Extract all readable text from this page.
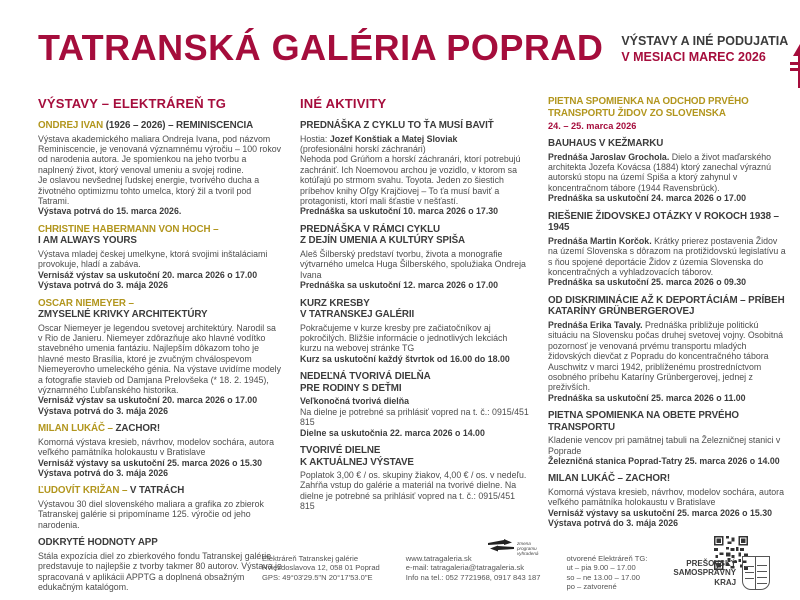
TATRANSKÁ GALÉRIA POPRAD VÝSTAVY A INÉ PODUJATIA
V MESIACI MAREC 2026
VÝSTAVY – ELEKTRÁREŇ TG
ONDREJ IVAN (1926 – 2026) – REMINISCENCIA

Výstava akademického maliara Ondreja Ivana, pod názvom Reminiscencie, je venovaná významnému výročiu – 100 rokov od narodenia autora. Je spomienkou na jeho tvorbu a naplnený život, ktorý venoval umeniu a svojej rodine.

Je oslavou nevšednej ľudskej energie, tvorivého ducha a životného optimizmu tohto umelca, ktorý žil a tvoril pod Tatrami.

Výstava potrvá do 15. marca 2026.

CHRISTINE HABERMANN VON HOCH –
I AM ALWAYS YOURS

Výstava mladej českej umelkyne, ktorá svojimi inštaláciami provokuje, hladí a zabáva.

Vernisáž výstav sa uskutoční 20. marca 2026 o 17.00

Výstava potrvá do 3. mája 2026

OSCAR NIEMEYER –
ZMYSELNÉ KRIVKY ARCHITEKTÚRY

Oscar Niemeyer je legendou svetovej architektúry. Narodil sa v Rio de Janieru. Niemeyer zdôrazňuje ako hlavné vodítko stavebného umenia fantáziu. Najlepším dôkazom toho je hlavné mesto Brasília, ktoré je zvučným chválospevom Niemeyerovho umeleckého génia. Na výstave uvidíme modely a fotografie stavieb od Damjana Prelovšeka (* 18. 2. 1945), významného Ľubľanského historika.

Vernisáž výstav sa uskutoční 20. marca 2026 o 17.00

Výstava potrvá do 3. mája 2026

MILAN LUKÁČ – ZACHOR!

Komorná výstava kresieb, návrhov, modelov sochára, autora veľkého pamätníka holokaustu v Bratislave

Vernisáž výstavy sa uskutoční 25. marca 2026 o 15.30

Výstava potrvá do 3. mája 2026

ĽUDOVÍT KRIŽAN – V TATRÁCH

Výstavou 30 diel slovenského maliara a grafika zo zbierok Tatranskej galérie si pripomíname 125. výročie od jeho narodenia.

ODKRYTÉ HODNOTY APP

Stála expozícia diel zo zbierkového fondu Tatranskej galérie predstavuje to najlepšie z tvorby takmer 80 autorov. Výstava je spracovaná v aplikácii APPTG a doplnená obsažným edukačným katalógom.

INÉ AKTIVITY
PREDNÁŠKA Z CYKLU TO ŤA MUSÍ BAVIŤ

Hostia: Jozef Konštiak a Matej Sloviak
(profesionálni horskí záchranári)

Nehoda pod Grúňom a horskí záchranári, ktorí potrebujú zachrániť. Ich Noemovou archou je vozidlo, v ktorom sa kotúľajú po strmom svahu. Toyota. Jeden zo šiestich príbehov knihy Oľgy Krajčiovej – To ťa musí baviť a protagonisti, ktorí mali šťastie v nešťastí.

Prednáška sa uskutoční 10. marca 2026 o 17.30

PREDNÁŠKA V RÁMCI CYKLU
Z DEJÍN UMENIA A KULTÚRY SPIŠA

Aleš Šilberský predstaví tvorbu, života a monografie výtvarného umelca Huga Šilberského, spolužiaka Ondreja Ivana

Prednáška sa uskutoční 12. marca 2026 o 17.00

KURZ KRESBY
V TATRANSKEJ GALÉRII

Pokračujeme v kurze kresby pre začiatočníkov aj pokročilých. Bližšie informácie o jednotlivých lekciách kurzu na webovej stránke TG

Kurz sa uskutoční každý štvrtok od 16.00 do 18.00

NEDEĽNÁ TVORIVÁ DIELŇA
PRE RODINY S DEŤMI

Veľkonočná tvorivá dielňa

Na dielne je potrebné sa prihlásiť vopred na t. č.: 0915/451 815

Dielne sa uskutočnia 22. marca 2026 o 14.00

TVORIVÉ DIELNE
K AKTUÁLNEJ VÝSTAVE

Poplatok 3,00 € / os. skupiny žiakov, 4,00 € / os. v nedeľu. Zahŕňa vstup do galérie a materiál na tvorivé dielne. Na dielne je potrebné sa prihlásiť vopred na t. č.: 0915/451 815

PIETNA SPOMIENKA NA ODCHOD PRVÉHO TRANSPORTU ŽIDOV ZO SLOVENSKA
24. – 25. marca 2026
BAUHAUS V KEŽMARKU

Prednáša Jaroslav Grochola. Dielo a život maďarského architekta Jozefa Kovácsa (1884) ktorý zanechal výraznú autorskú stopu na území Spiša a ktorý zahynul v koncentračnom tábore (1944 Ravensbrück).

Prednáška sa uskutoční 24. marca 2026 o 17.00

RIEŠENIE ŽIDOVSKEJ OTÁZKY V ROKOCH 1938 – 1945

Prednáša Martin Korčok. Krátky prierez postavenia Židov na území Slovenska s dôrazom na protižidovskú legislatívu a s ňou spojené deportácie Židov z územia Slovenska do koncentračných a vyhladzovacích táborov.

Prednáška sa uskutoční 25. marca 2026 o 09.30

OD DISKRIMINÁCIE AŽ K DEPORTÁCIÁM – PRÍBEH KATARÍNY GRÜNBERGEROVEJ

Prednáša Erika Tavaly. Prednáška približuje politickú situáciu na Slovensku počas druhej svetovej vojny. Osobitná pozornosť je venovaná prvému transportu mladých židovských dievčat z Popradu do koncentračného tábora Auschwitz v marci 1942, priblíženému prostredníctvom osobného príbehu Kataríny Grünbergerovej, jednej z preživších.

Prednáška sa uskutoční 25. marca 2026 o 11.00

PIETNA SPOMIENKA NA OBETE PRVÉHO TRANSPORTU

Kladenie vencov pri pamätnej tabuli na Železničnej stanici v Poprade

Železničná stanica Poprad-Tatry 25. marca 2026 o 14.00

MILAN LUKÁČ – ZACHOR!

Komorná výstava kresieb, návrhov, modelov sochára, autora veľkého pamätníka holokaustu v Bratislave

Vernisáž výstavy sa uskutoční 25. marca 2026 o 15.30

Výstava potrvá do 3. mája 2026

zmena
programu
vyhradená
Elektráreň Tatranskej galérie
Hviezdoslavova 12, 058 01 Poprad
GPS: 49°03'29.5"N 20°17'53.0"E
www.tatragaleria.sk
e-mail: tatragaleria@tatragaleria.sk
Info na tel.: 052 7721968, 0917 843 187
otvorené Elektráreň TG:
ut – pia 9.00 – 17.00
so – ne 13.00 – 17.00
po – zatvorené
PREŠOVSKÝ
SAMOSPRÁVNY
KRAJ
